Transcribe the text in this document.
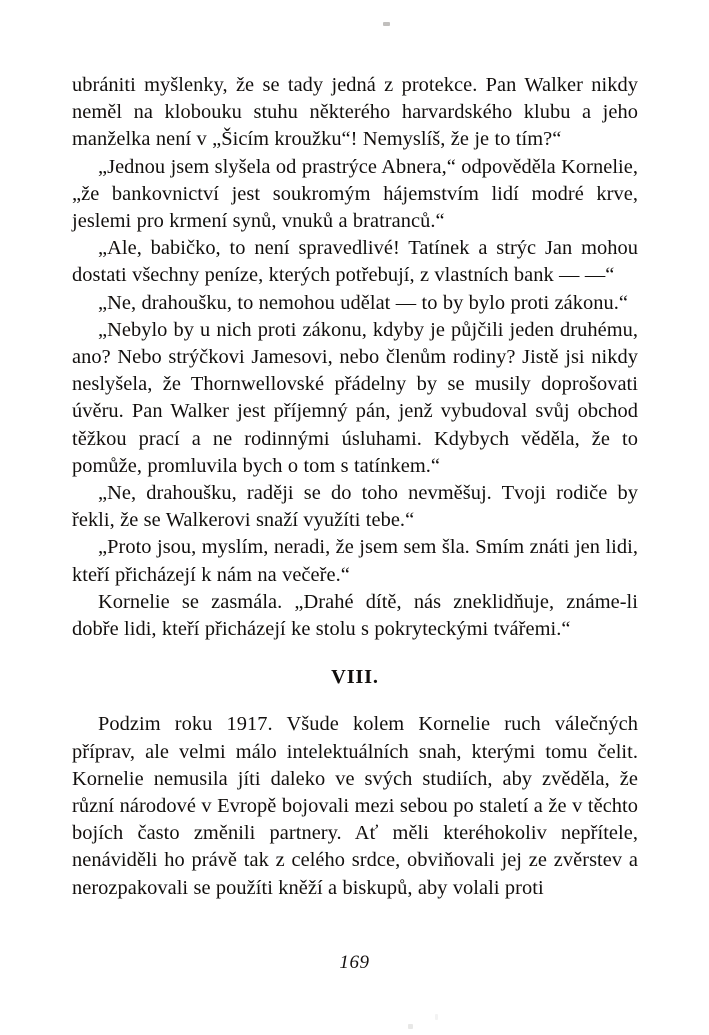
ubrániti myšlenky, že se tady jedná z protekce. Pan Walker nikdy neměl na klobouku stuhu některého harvardského klubu a jeho manželka není v „Šicím kroužku“! Nemyslíš, že je to tím?“

„Jednou jsem slyšela od prastrýce Abnera,“ odpověděla Kornelie, „že bankovnictví jest soukromým hájemstvím lidí modré krve, jeslemi pro krmení synů, vnuků a bratranců.“

„Ale, babičko, to není spravedlivé! Tatínek a strýc Jan mohou dostati všechny peníze, kterých potřebují, z vlastních bank — —“

„Ne, drahoušku, to nemohou udělat — to by bylo proti zákonu.“

„Nebylo by u nich proti zákonu, kdyby je půjčili jeden druhému, ano? Nebo strýčkovi Jamesovi, nebo členům rodiny? Jistě jsi nikdy neslyšela, že Thornwellovské přádelny by se musily doprošovati úvěru. Pan Walker jest příjemný pán, jenž vybudoval svůj obchod těžkou prací a ne rodinnými úsluhami. Kdybych věděla, že to pomůže, promluvila bych o tom s tatínkem.“

„Ne, drahoušku, raději se do toho nevměšuj. Tvoji rodiče by řekli, že se Walkerovi snaží využíti tebe.“

„Proto jsou, myslím, neradi, že jsem sem šla. Smím znáti jen lidi, kteří přicházejí k nám na večeře.“

Kornelie se zasmála. „Drahé dítě, nás zneklidňuje, známe-li dobře lidi, kteří přicházejí ke stolu s pokryteckými tvářemi.“

VIII.

Podzim roku 1917. Všude kolem Kornelie ruch válečných příprav, ale velmi málo intelektuálních snah, kterými tomu čelit. Kornelie nemusila jíti daleko ve svých studiích, aby zvěděla, že různí národové v Evropě bojovali mezi sebou po staletí a že v těchto bojích často změnili partnery. Ať měli kteréhokoliv nepřítele, nenáviděli ho právě tak z celého srdce, obviňovali jej ze zvěrstev a nerozpakovali se použíti kněží a biskupů, aby volali proti

169
